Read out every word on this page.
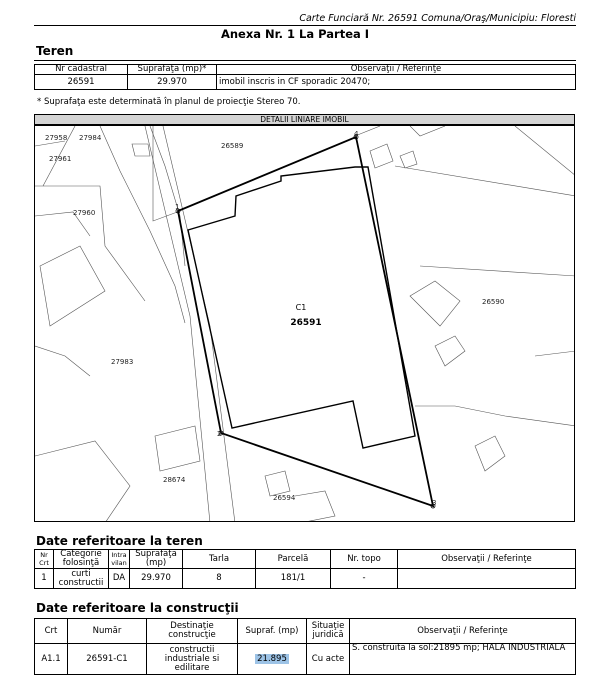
Carte Funciară Nr. 26591 Comuna/Oraş/Municipiu: Floresti
Anexa Nr. 1 La Partea I
Teren
Nr cadastral	Suprafaţa (mp)*	Observaţii / Referinţe
26591	29.970	imobil inscris in CF sporadic 20470;
* Suprafaţa este determinată în planul de proiecţie Stereo 70.
DETALII LINIARE IMOBIL
1
2
3
4
C1
26591
27958 27984
27961
26589
27960
26590
27983
28674
26594
Date referitoare la teren
Nr Crt	Categorie folosinţă	Intra vilan	Suprafaţa (mp)	Tarla	Parcelă	Nr. topo	Observaţii / Referinţe
1	curti constructii	DA	29.970	8	181/1	-	
Date referitoare la construcţii
Crt	Număr	Destinaţie construcţie	Supraf. (mp)	Situaţie juridică	Observaţii / Referinţe
A1.1	26591-C1	constructii industriale si edilitare	21.895	Cu acte	S. construita la sol:21895 mp; HALA INDUSTRIALA
